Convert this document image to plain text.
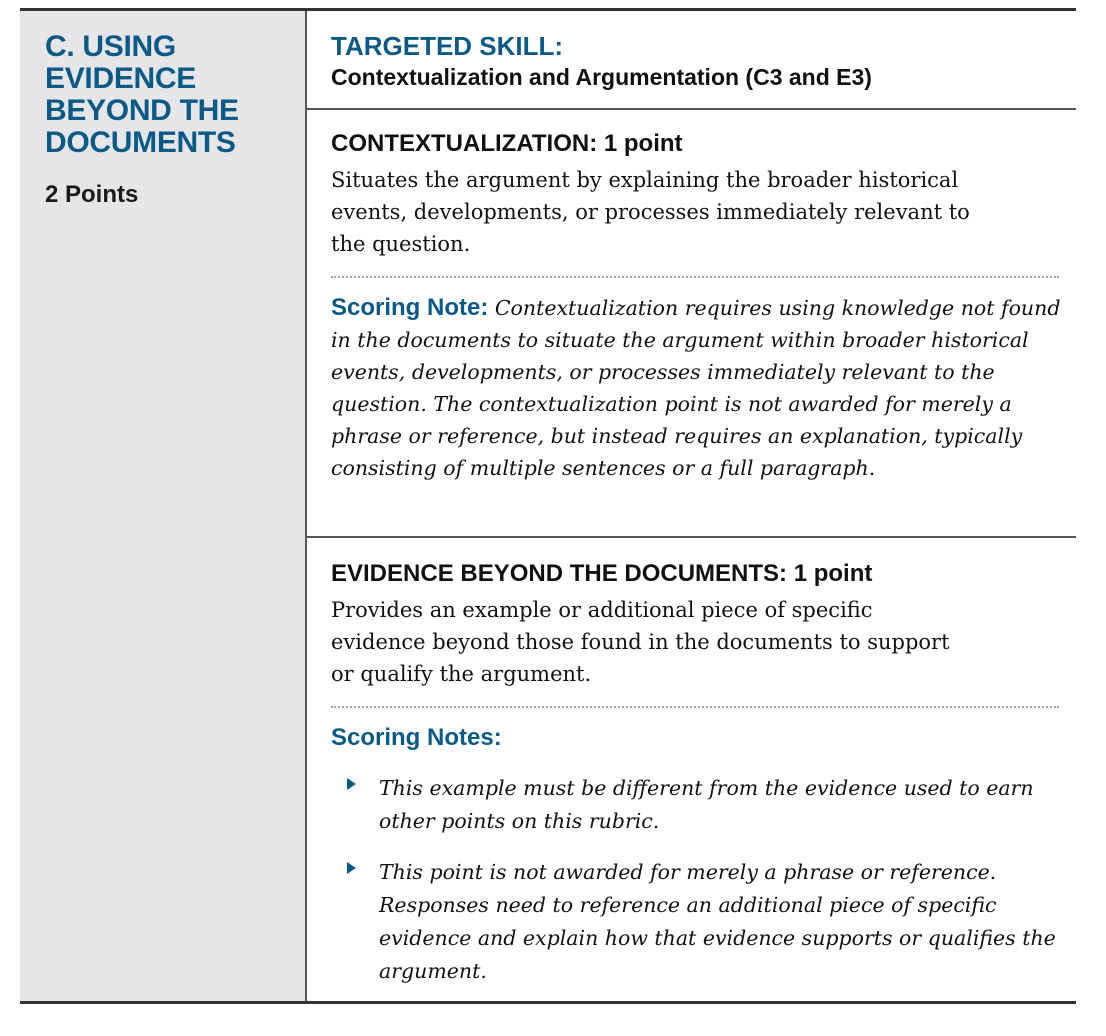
C. USING EVIDENCE BEYOND THE DOCUMENTS
2 Points
TARGETED SKILL:
Contextualization and Argumentation (C3 and E3)
CONTEXTUALIZATION: 1 point
Situates the argument by explaining the broader historical events, developments, or processes immediately relevant to the question.
Scoring Note: Contextualization requires using knowledge not found in the documents to situate the argument within broader historical events, developments, or processes immediately relevant to the question. The contextualization point is not awarded for merely a phrase or reference, but instead requires an explanation, typically consisting of multiple sentences or a full paragraph.
EVIDENCE BEYOND THE DOCUMENTS: 1 point
Provides an example or additional piece of specific evidence beyond those found in the documents to support or qualify the argument.
Scoring Notes:
This example must be different from the evidence used to earn other points on this rubric.
This point is not awarded for merely a phrase or reference. Responses need to reference an additional piece of specific evidence and explain how that evidence supports or qualifies the argument.
